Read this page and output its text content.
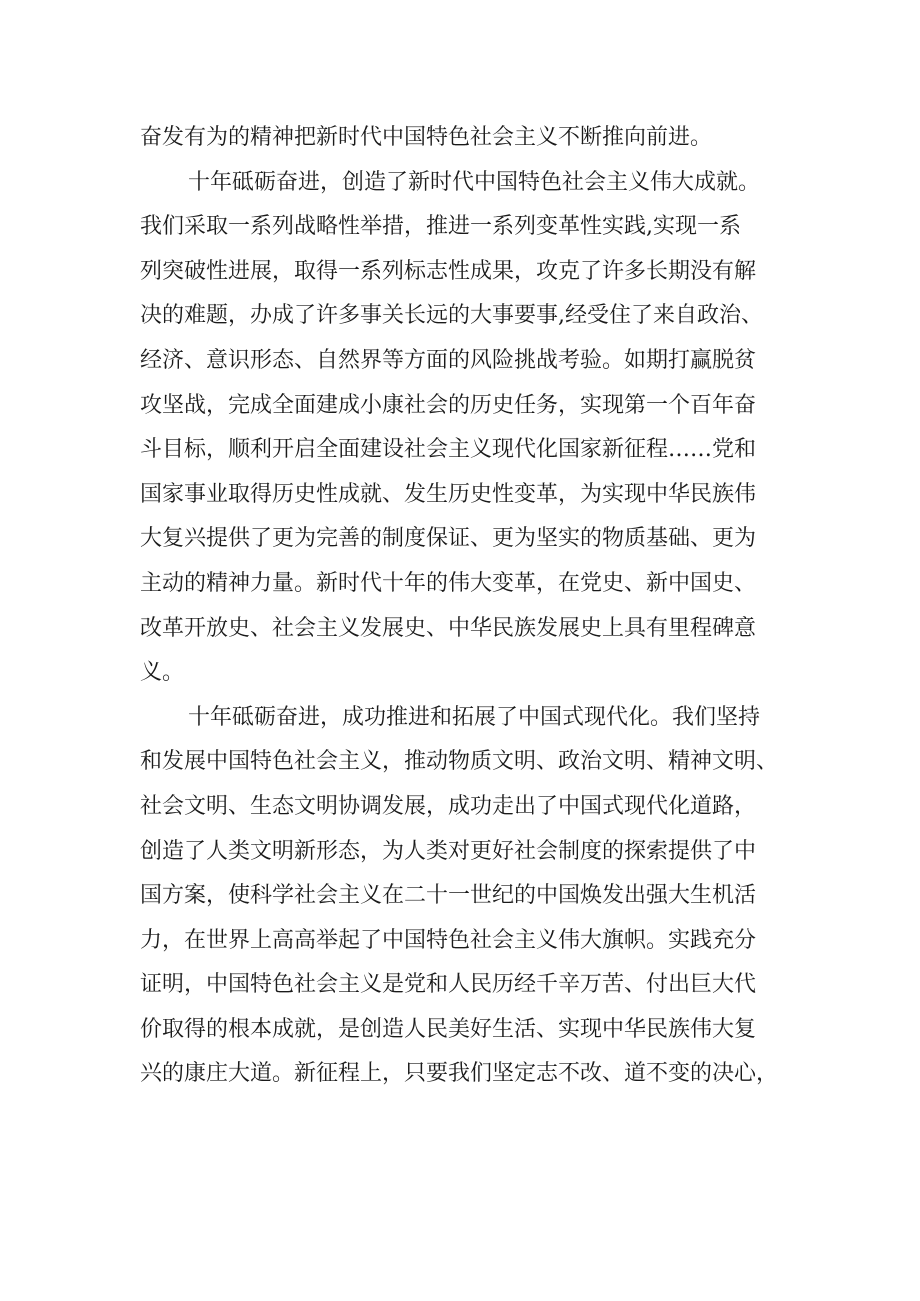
奋发有为的精神把新时代中国特色社会主义不断推向前进。
十年砥砺奋进，创造了新时代中国特色社会主义伟大成就。
我们采取一系列战略性举措，推进一系列变革性实践,实现一系
列突破性进展，取得一系列标志性成果，攻克了许多长期没有解
决的难题，办成了许多事关长远的大事要事,经受住了来自政治、
经济、意识形态、自然界等方面的风险挑战考验。如期打赢脱贫
攻坚战，完成全面建成小康社会的历史任务，实现第一个百年奋
斗目标，顺利开启全面建设社会主义现代化国家新征程……党和
国家事业取得历史性成就、发生历史性变革，为实现中华民族伟
大复兴提供了更为完善的制度保证、更为坚实的物质基础、更为
主动的精神力量。新时代十年的伟大变革，在党史、新中国史、
改革开放史、社会主义发展史、中华民族发展史上具有里程碑意
义。
十年砥砺奋进，成功推进和拓展了中国式现代化。我们坚持
和发展中国特色社会主义，推动物质文明、政治文明、精神文明、
社会文明、生态文明协调发展，成功走出了中国式现代化道路，
创造了人类文明新形态，为人类对更好社会制度的探索提供了中
国方案，使科学社会主义在二十一世纪的中国焕发出强大生机活
力，在世界上高高举起了中国特色社会主义伟大旗帜。实践充分
证明，中国特色社会主义是党和人民历经千辛万苦、付出巨大代
价取得的根本成就，是创造人民美好生活、实现中华民族伟大复
兴的康庄大道。新征程上，只要我们坚定志不改、道不变的决心，
